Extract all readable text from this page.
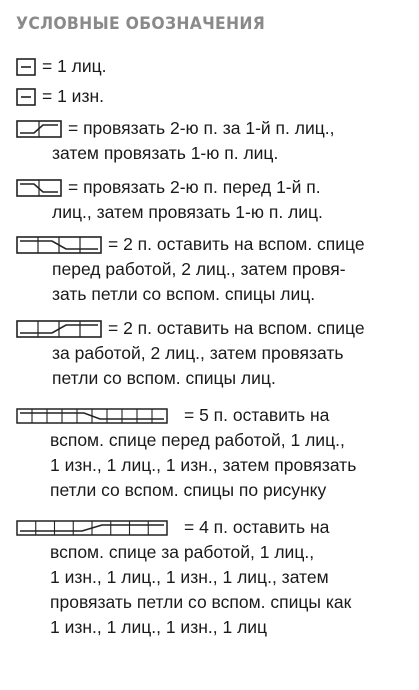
УСЛОВНЫЕ ОБОЗНАЧЕНИЯ
= 1 лиц.
= 1 изн.
= провязать 2-ю п. за 1-й п. лиц.,
затем провязать 1-ю п. лиц.
= провязать 2-ю п. перед 1-й п.
лиц., затем провязать 1-ю п. лиц.
= 2 п. оставить на вспом. спице
перед работой, 2 лиц., затем провя-
зать петли со вспом. спицы лиц.
= 2 п. оставить на вспом. спице
за работой, 2 лиц., затем провязать
петли со вспом. спицы лиц.
= 5 п. оставить на
вспом. спице перед работой, 1 лиц.,
1 изн., 1 лиц., 1 изн., затем провязать
петли со вспом. спицы по рисунку
= 4 п. оставить на
вспом. спице за работой, 1 лиц.,
1 изн., 1 лиц., 1 изн., 1 лиц., затем
провязать петли со вспом. спицы как
1 изн., 1 лиц., 1 изн., 1 лиц
